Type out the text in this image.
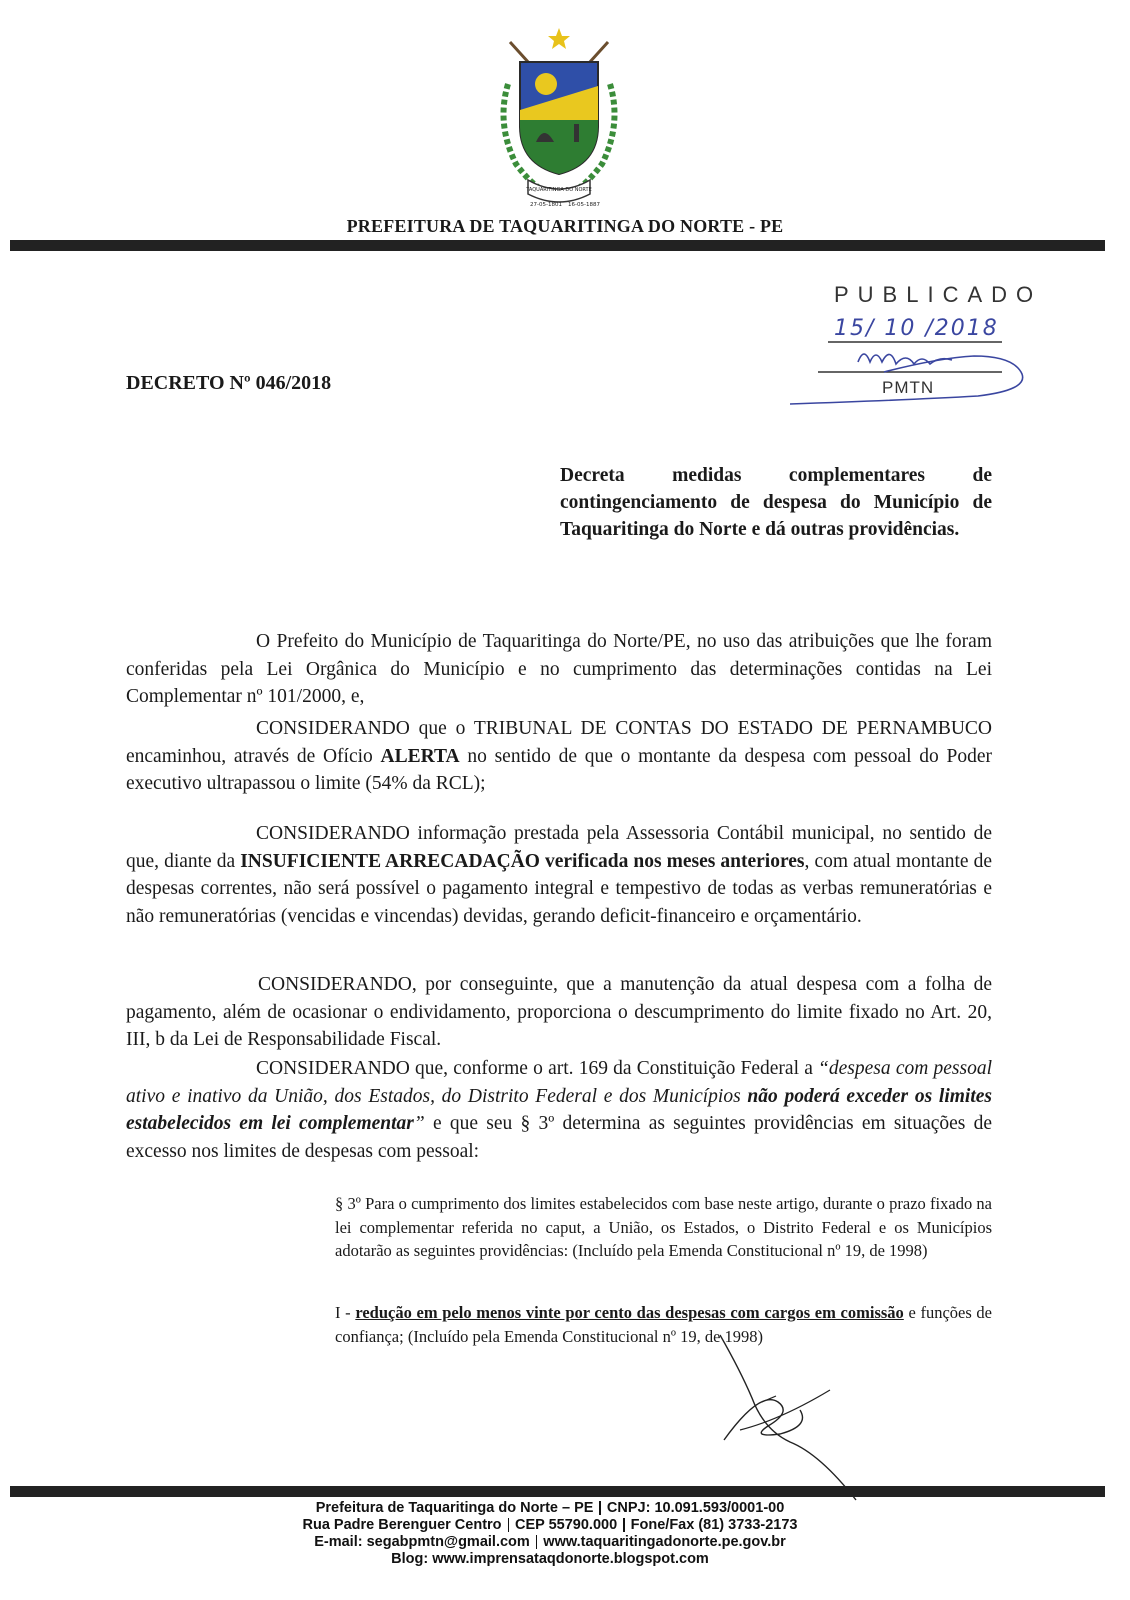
TAQUARITINGA DO NORTE
27-05-1801 16-05-1887
PREFEITURA DE TAQUARITINGA DO NORTE - PE
PUBLICADO
15/ 10 /2018
PMTN
DECRETO Nº 046/2018
Decreta medidas complementares de contingenciamento de despesa do Município de Taquaritinga do Norte e dá outras providências.
O Prefeito do Município de Taquaritinga do Norte/PE, no uso das atribuições que lhe foram conferidas pela Lei Orgânica do Município e no cumprimento das determinações contidas na Lei Complementar nº 101/2000, e,
CONSIDERANDO que o TRIBUNAL DE CONTAS DO ESTADO DE PERNAMBUCO encaminhou, através de Ofício ALERTA no sentido de que o montante da despesa com pessoal do Poder executivo ultrapassou o limite (54% da RCL);
CONSIDERANDO informação prestada pela Assessoria Contábil municipal, no sentido de que, diante da INSUFICIENTE ARRECADAÇÃO verificada nos meses anteriores, com atual montante de despesas correntes, não será possível o pagamento integral e tempestivo de todas as verbas remuneratórias e não remuneratórias (vencidas e vincendas) devidas, gerando deficit-financeiro e orçamentário.
CONSIDERANDO, por conseguinte, que a manutenção da atual despesa com a folha de pagamento, além de ocasionar o endividamento, proporciona o descumprimento do limite fixado no Art. 20, III, b da Lei de Responsabilidade Fiscal.
CONSIDERANDO que, conforme o art. 169 da Constituição Federal a “despesa com pessoal ativo e inativo da União, dos Estados, do Distrito Federal e dos Municípios não poderá exceder os limites estabelecidos em lei complementar” e que seu § 3º determina as seguintes providências em situações de excesso nos limites de despesas com pessoal:
§ 3º Para o cumprimento dos limites estabelecidos com base neste artigo, durante o prazo fixado na lei complementar referida no caput, a União, os Estados, o Distrito Federal e os Municípios adotarão as seguintes providências: (Incluído pela Emenda Constitucional nº 19, de 1998)
I - redução em pelo menos vinte por cento das despesas com cargos em comissão e funções de confiança; (Incluído pela Emenda Constitucional nº 19, de 1998)
Prefeitura de Taquaritinga do Norte – PE CNPJ: 10.091.593/0001-00
Rua Padre Berenguer Centro CEP 55790.000 Fone/Fax (81) 3733-2173
E-mail: segabpmtn@gmail.com www.taquaritingadonorte.pe.gov.br
Blog: www.imprensataqdonorte.blogspot.com
